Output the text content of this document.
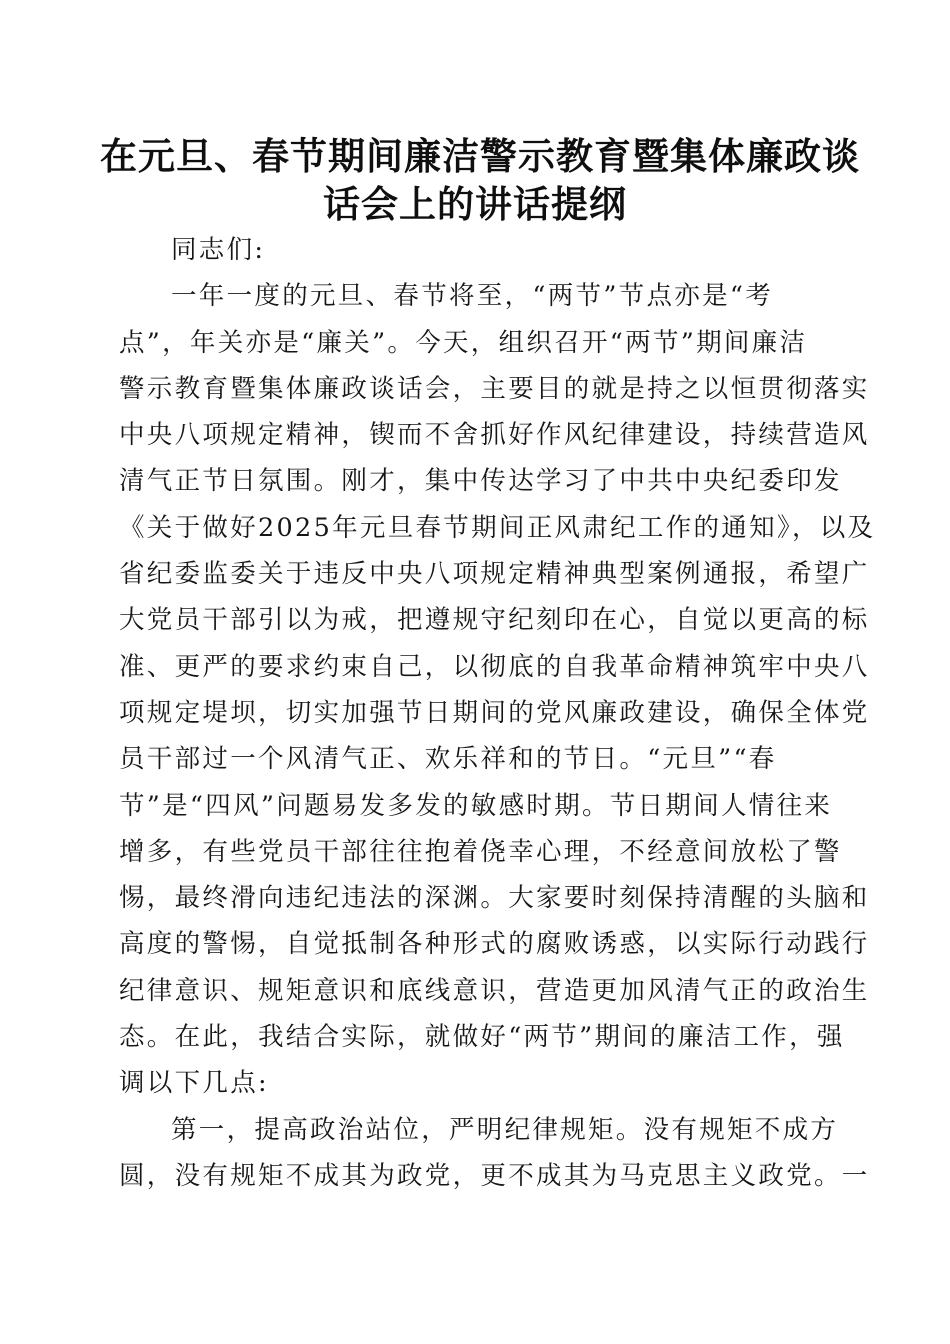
在元旦、春节期间廉洁警示教育暨集体廉政谈
话会上的讲话提纲
同志们:
一年一度的元旦、春节将至，“两节”节点亦是“考
点”，年关亦是“廉关”。今天，组织召开“两节”期间廉洁
警示教育暨集体廉政谈话会，主要目的就是持之以恒贯彻落实
中央八项规定精神，锲而不舍抓好作风纪律建设，持续营造风
清气正节日氛围。刚才，集中传达学习了中共中央纪委印发
《关于做好2025年元旦春节期间正风肃纪工作的通知》，以及
省纪委监委关于违反中央八项规定精神典型案例通报，希望广
大党员干部引以为戒，把遵规守纪刻印在心，自觉以更高的标
准、更严的要求约束自己，以彻底的自我革命精神筑牢中央八
项规定堤坝，切实加强节日期间的党风廉政建设，确保全体党
员干部过一个风清气正、欢乐祥和的节日。“元旦”“春
节”是“四风”问题易发多发的敏感时期。节日期间人情往来
增多，有些党员干部往往抱着侥幸心理，不经意间放松了警
惕，最终滑向违纪违法的深渊。大家要时刻保持清醒的头脑和
高度的警惕，自觉抵制各种形式的腐败诱惑，以实际行动践行
纪律意识、规矩意识和底线意识，营造更加风清气正的政治生
态。在此，我结合实际，就做好“两节”期间的廉洁工作，强
调以下几点:
第一，提高政治站位，严明纪律规矩。没有规矩不成方
圆，没有规矩不成其为政党，更不成其为马克思主义政党。一
